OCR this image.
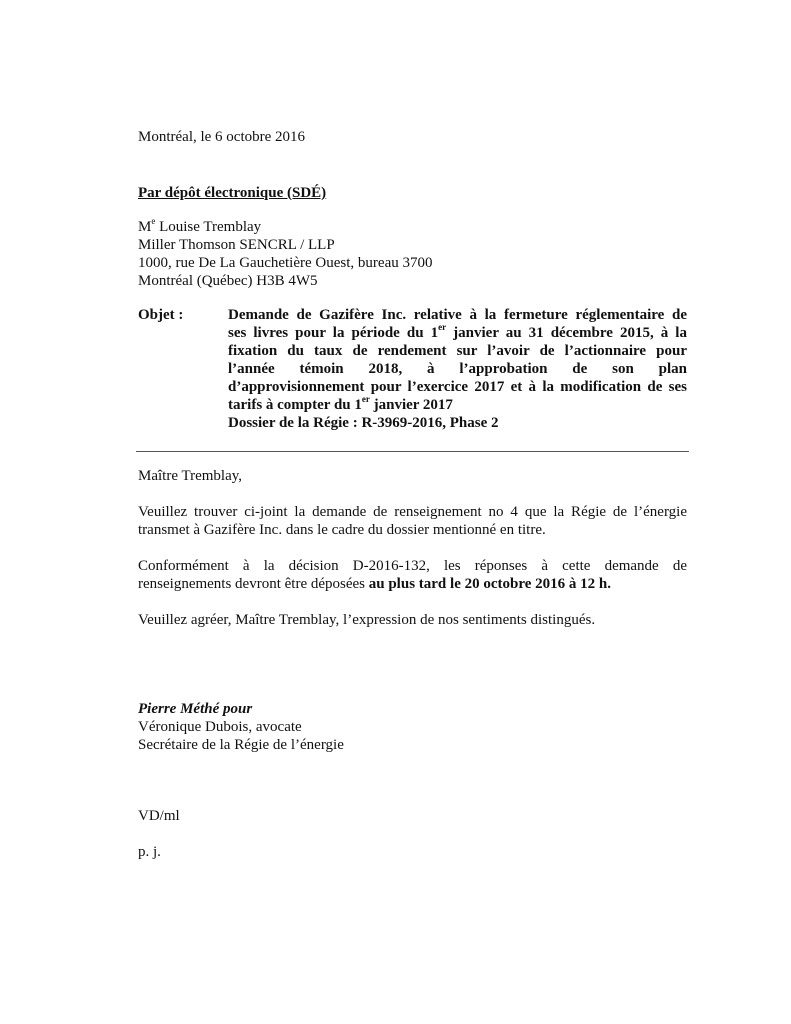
Montréal, le 6 octobre 2016
Par dépôt électronique (SDÉ)
Me Louise Tremblay
Miller Thomson SENCRL / LLP
1000, rue De La Gauchetière Ouest, bureau 3700
Montréal (Québec) H3B 4W5
Objet :	Demande de Gazifère Inc. relative à la fermeture réglementaire de
ses livres pour la période du 1er janvier au 31 décembre 2015, à la
fixation du taux de rendement sur l’avoir de l’actionnaire pour
l’année témoin 2018, à l’approbation de son plan
d’approvisionnement pour l’exercice 2017 et à la modification de ses
tarifs à compter du 1er janvier 2017
Dossier de la Régie : R-3969-2016, Phase 2
Maître Tremblay,
Veuillez trouver ci-joint la demande de renseignement no 4 que la Régie de l’énergie
transmet à Gazifère Inc. dans le cadre du dossier mentionné en titre.
Conformément à la décision D-2016-132, les réponses à cette demande de
renseignements devront être déposées au plus tard le 20 octobre 2016 à 12 h.
Veuillez agréer, Maître Tremblay, l’expression de nos sentiments distingués.
Pierre Méthé pour
Véronique Dubois, avocate
Secrétaire de la Régie de l’énergie
VD/ml
p. j.
